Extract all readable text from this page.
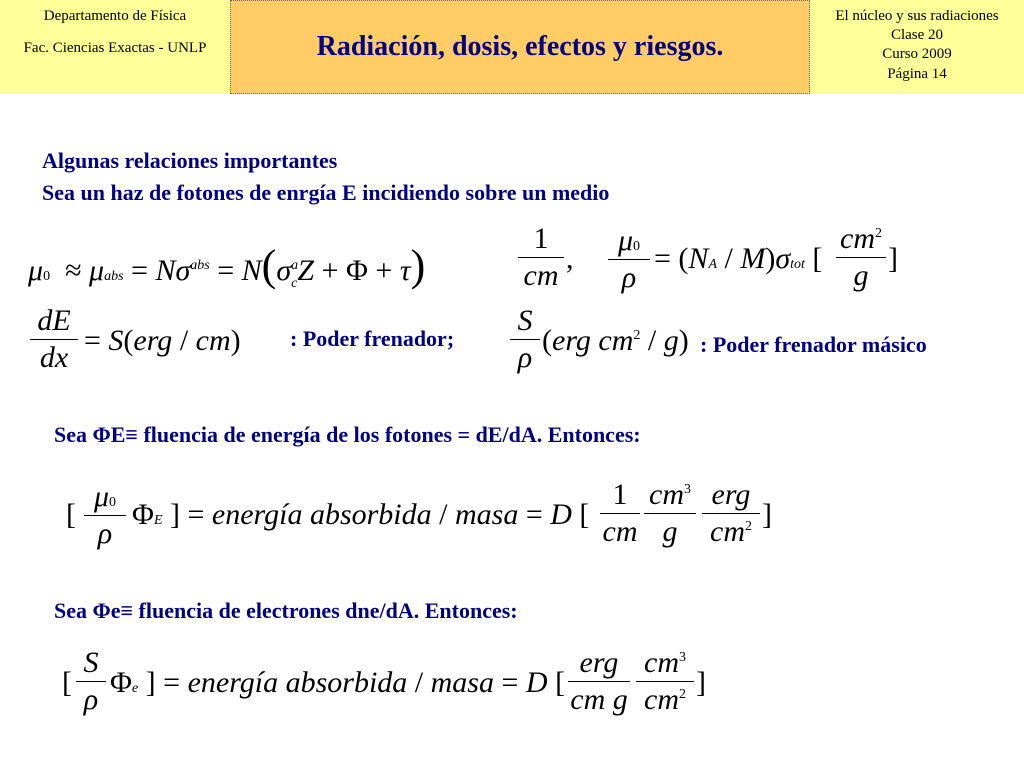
Departamento de Física
Fac. Ciencias Exactas - UNLP	Radiación, dosis, efectos y riesgos.
El núcleo y sus radiaciones
Clase 20
Curso 2009
Página 14
Algunas relaciones importantes
Sea un haz de fotones de enrgía E incidiendo sobre un medio
$\mu 0 \approx \mu abs = N\sigma^{abs} = N(\sigma^a_cZ + \Phi + \tau)$	$\frac{1}{cm}$ , $\frac{\mu 0}{\rho} = (NA / M)\sigma tot$ [ $\frac{cm^2}{g}$ ]
$\frac{dE}{dx} = S(erg / cm)$ : Poder frenador; $\frac{S}{\rho} (erg$ $cm^2 / g$) : Poder frenador másico
Sea ΦE≡ fluencia de energía de los fotones = dE/dA. Entonces:
[ $\frac{\mu 0}{\rho}$ ΦE ] = energía absorbida / masa = D [ $\frac{1}{cm} \frac{cm^3}{g}$ erg
$cm^2$ ]
Sea Φe≡ fluencia de electrones dne/dA. Entonces:
[ $\frac{S}{\rho}$ Φe ] = energía absorbida / masa = D [
erg
cm g $\frac{cm^3}{cm^2}$ ]
